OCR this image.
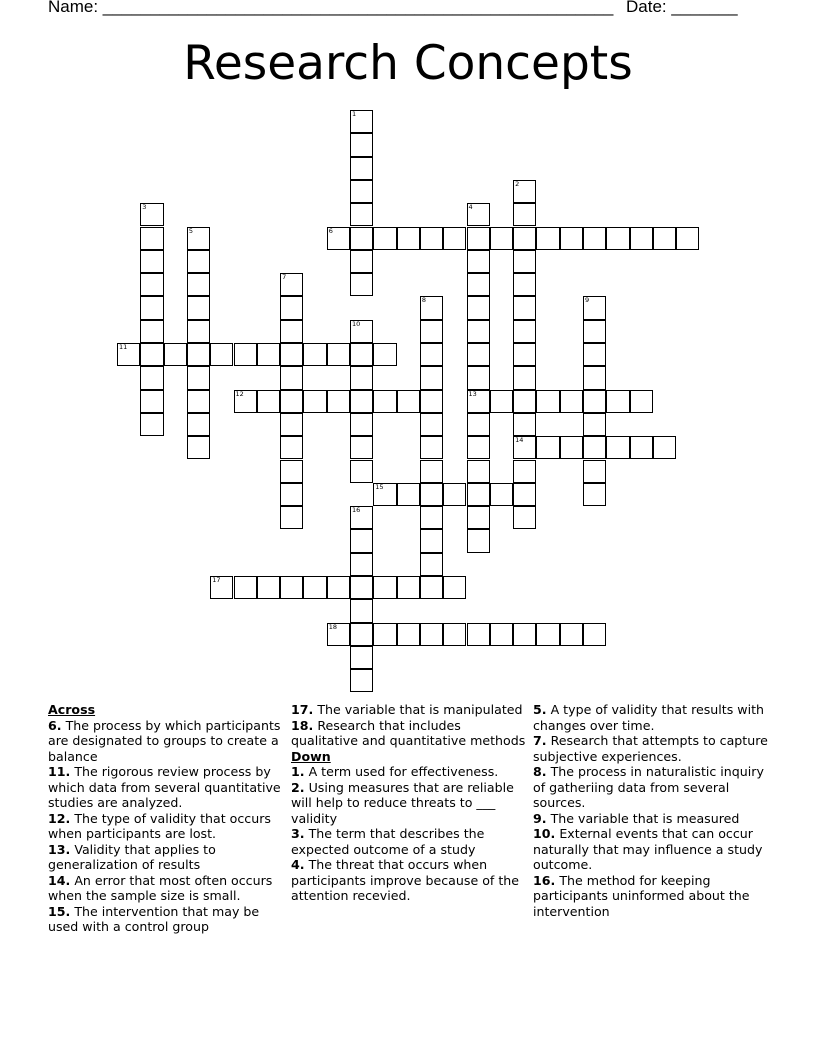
Name: ______________________________________________________ Date: _______
Research Concepts
1
2
14
3	4
13
5	6
7
8	9
10
11
12
15
16
17
18

Across

6. The process by which participants are designated to groups to create a balance

11. The rigorous review process by which data from several quantitative studies are analyzed.

12. The type of validity that occurs when participants are lost.

13. Validity that applies to generalization of results

14. An error that most often occurs when the sample size is small.

15. The intervention that may be used with a control group

17. The variable that is manipulated

18. Research that includes qualitative and quantitative methods

Down

1. A term used for effectiveness.

2. Using measures that are reliable will help to reduce threats to ___ validity

3. The term that describes the expected outcome of a study

4. The threat that occurs when participants improve because of the attention recevied.

5. A type of validity that results with changes over time.

7. Research that attempts to capture subjective experiences.

8. The process in naturalistic inquiry of gatheriing data from several sources.

9. The variable that is measured

10. External events that can occur naturally that may influence a study outcome.

16. The method for keeping participants uninformed about the intervention
